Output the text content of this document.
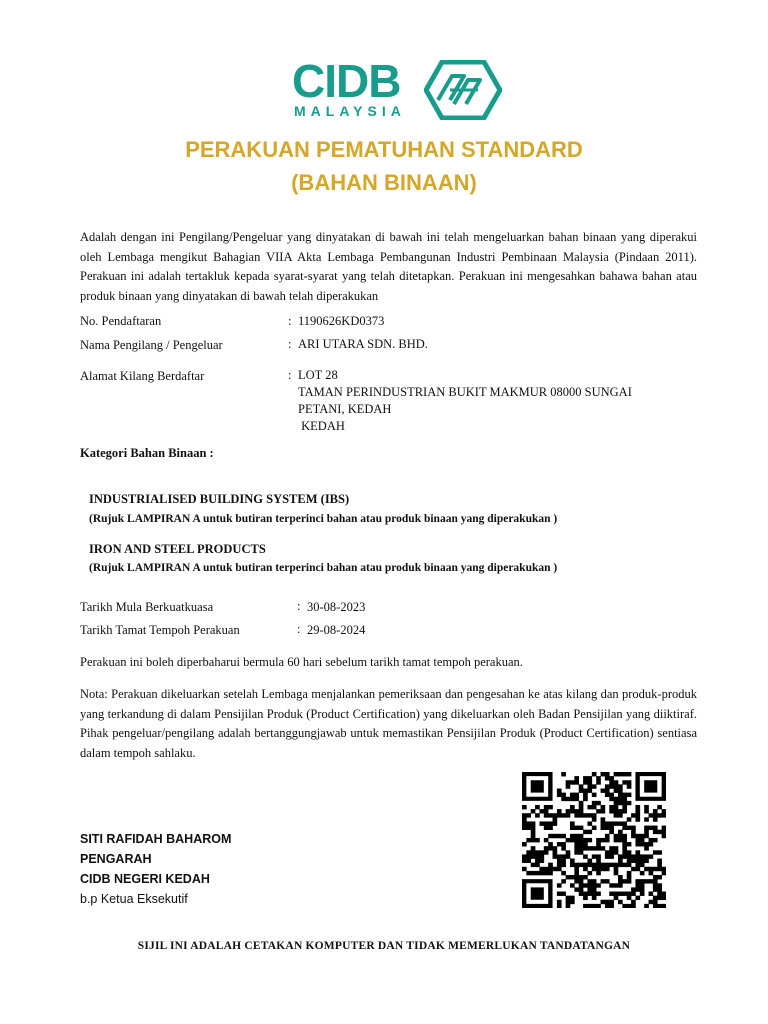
CIDB
MALAYSIA
PERAKUAN PEMATUHAN STANDARD
(BAHAN BINAAN)
Adalah dengan ini Pengilang/Pengeluar yang dinyatakan di bawah ini telah mengeluarkan bahan binaan yang diperakui oleh Lembaga mengikut Bahagian VIIA Akta Lembaga Pembangunan Industri Pembinaan Malaysia (Pindaan 2011). Perakuan ini adalah tertakluk kepada syarat-syarat yang telah ditetapkan. Perakuan ini mengesahkan bahawa bahan atau produk binaan yang dinyatakan di bawah telah diperakukan
No. Pendaftaran	: 1190626KD0373
Nama Pengilang / Pengeluar	: ARI UTARA SDN. BHD.
Alamat Kilang Berdaftar	: LOT 28
TAMAN PERINDUSTRIAN BUKIT MAKMUR 08000 SUNGAI
PETANI, KEDAH
KEDAH
Kategori Bahan Binaan :
INDUSTRIALISED BUILDING SYSTEM (IBS)
(Rujuk LAMPIRAN A untuk butiran terperinci bahan atau produk binaan yang diperakukan )
IRON AND STEEL PRODUCTS
(Rujuk LAMPIRAN A untuk butiran terperinci bahan atau produk binaan yang diperakukan )
Tarikh Mula Berkuatkuasa	: 30-08-2023
Tarikh Tamat Tempoh Perakuan	: 29-08-2024
Perakuan ini boleh diperbaharui bermula 60 hari sebelum tarikh tamat tempoh perakuan.
Nota: Perakuan dikeluarkan setelah Lembaga menjalankan pemeriksaan dan pengesahan ke atas kilang dan produk-produk yang terkandung di dalam Pensijilan Produk (Product Certification) yang dikeluarkan oleh Badan Pensijilan yang diiktiraf. Pihak pengeluar/pengilang adalah bertanggungjawab untuk memastikan Pensijilan Produk (Product Certification) sentiasa dalam tempoh sahlaku.
SITI RAFIDAH BAHAROM
PENGARAH
CIDB NEGERI KEDAH
b.p Ketua Eksekutif
SIJIL INI ADALAH CETAKAN KOMPUTER DAN TIDAK MEMERLUKAN TANDATANGAN
